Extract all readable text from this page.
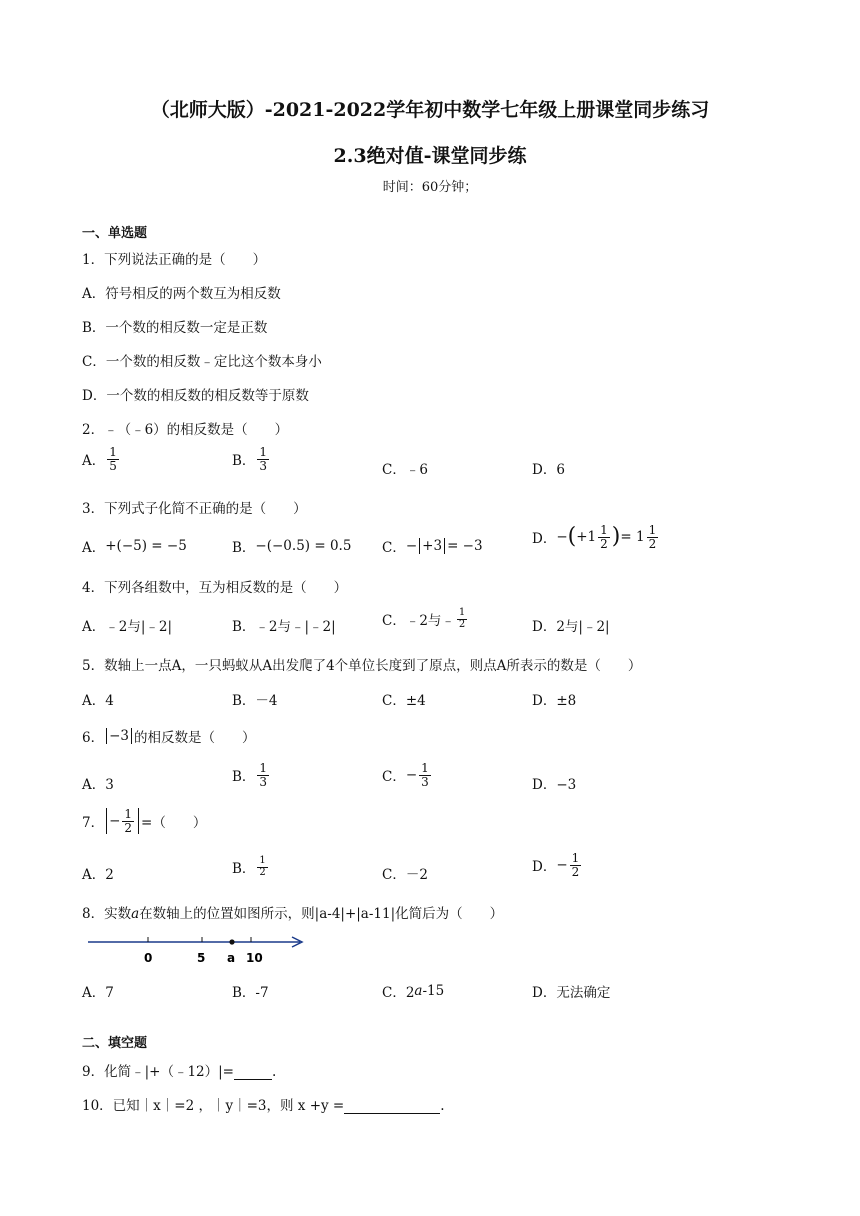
（北师大版）-2021-2022学年初中数学七年级上册课堂同步练习
2.3绝对值-课堂同步练
时间：60分钟；
一、单选题
1．下列说法正确的是（　　）
A．符号相反的两个数互为相反数
B．一个数的相反数一定是正数
C．一个数的相反数﹣定比这个数本身小
D．一个数的相反数的相反数等于原数
2．﹣（﹣6）的相反数是（　　）
A． $\frac{1}{5}$	B． $\frac{1}{3}$	C．﹣6	D．6
3．下列式子化简不正确的是（　　）
A． +(−5) = −5	B． −(−0.5) = 0.5 C． − +3 = −3	D． − ( $+1 \frac{1}{2}$ ) = $1 \frac{1}{2}$
4．下列各组数中，互为相反数的是（　　）
A．﹣2与|﹣2|	B．﹣2与﹣|﹣2|	C．﹣2与﹣ $\frac{1}{2}$	D．2与|﹣2|
5．数轴上一点A，一只蚂蚁从A出发爬了4个单位长度到了原点，则点A所表示的数是（　　）
A．4	B．－4	C．±4	D．±8
6． −3 的相反数是（　　）
A．3	B． $\frac{1}{3}$	C． − $\frac{1}{3}$	D．−3
7． − $\frac{1}{2}$ =（　　）
A．2	B． $\frac{1}{2}$	C．－2	D． − $\frac{1}{2}$
8．实数a在数轴上的位置如图所示，则|a-4|+|a-11|化简后为（　　）
0	5 a 10
A．7	B．-7	C．2 a -15	D．无法确定
二、填空题
9．化简﹣|+（﹣12）|=	.
10．已知｜x｜=2 ，｜y｜=3，则 x +y =	.
